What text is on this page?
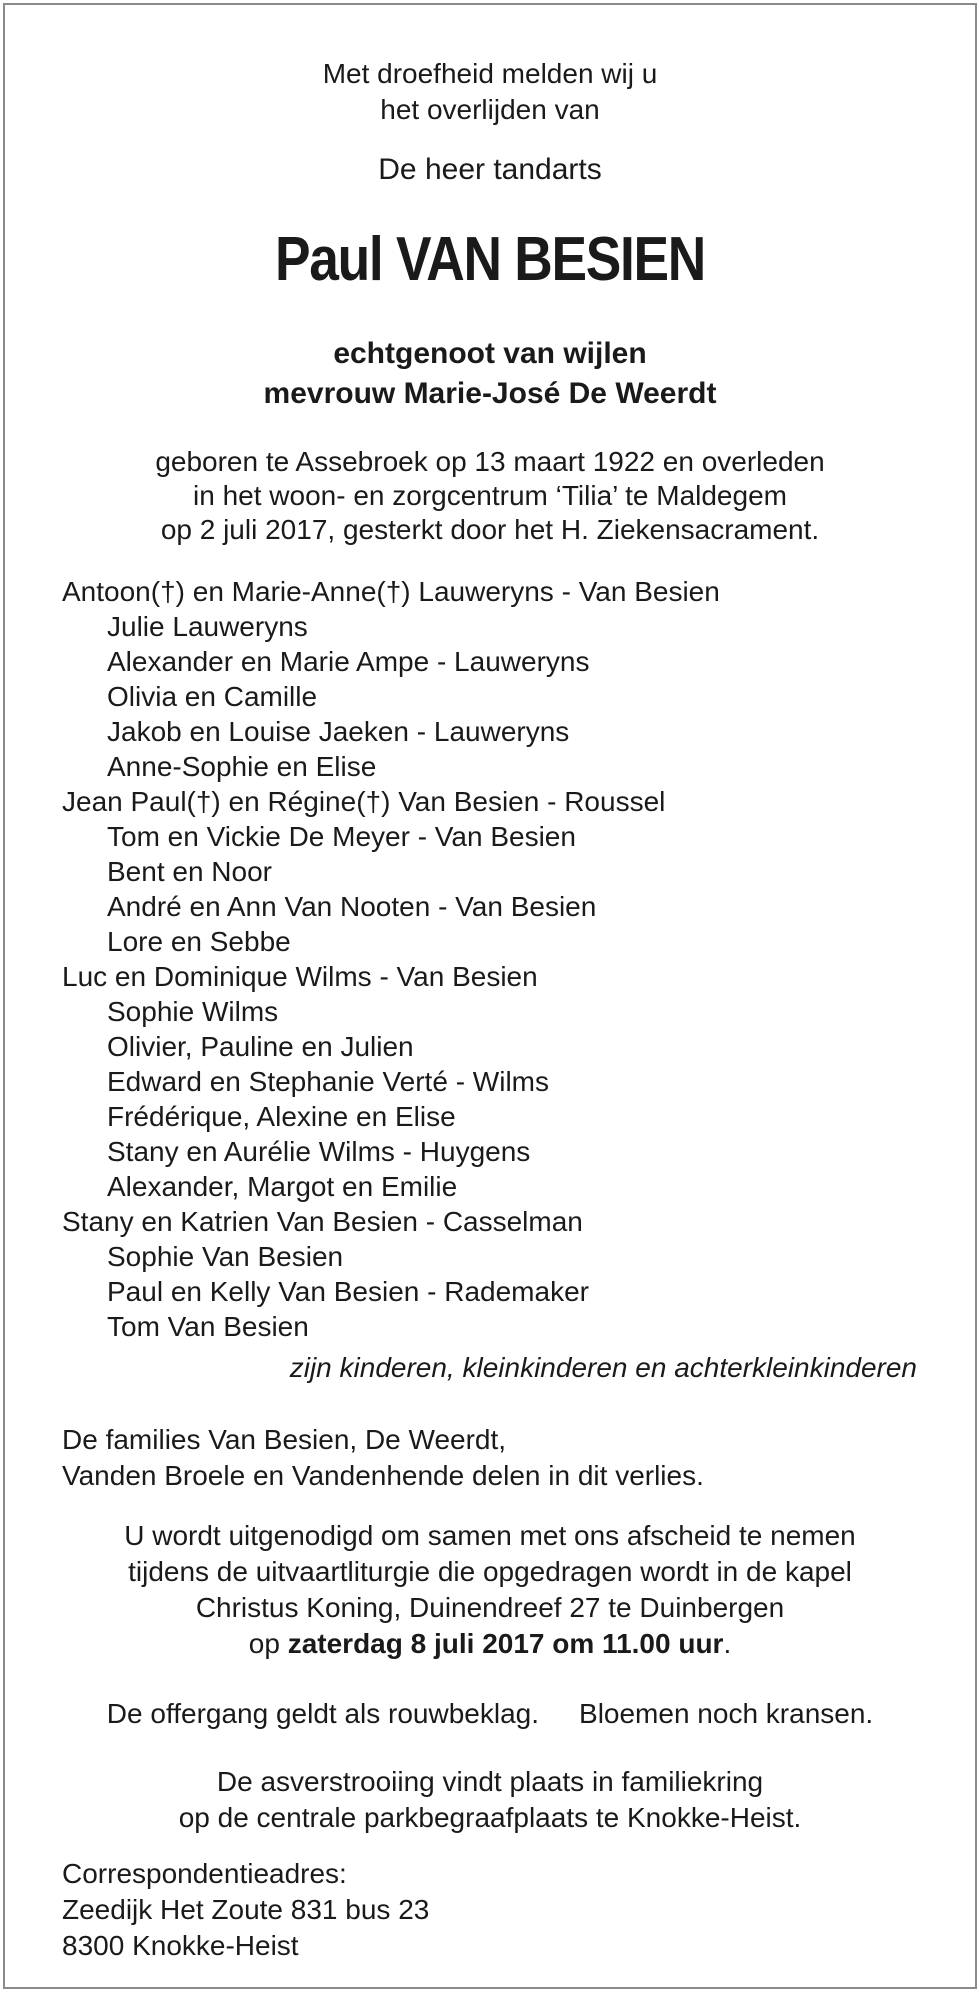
Met droefheid melden wij u
het overlijden van
De heer tandarts
Paul VAN BESIEN
echtgenoot van wijlen
mevrouw Marie-José De Weerdt
geboren te Assebroek op 13 maart 1922 en overleden
in het woon- en zorgcentrum ‘Tilia’ te Maldegem
op 2 juli 2017, gesterkt door het H. Ziekensacrament.
Antoon(†) en Marie-Anne(†) Lauweryns - Van Besien
Julie Lauweryns
Alexander en Marie Ampe - Lauweryns
Olivia en Camille
Jakob en Louise Jaeken - Lauweryns
Anne-Sophie en Elise
Jean Paul(†) en Régine(†) Van Besien - Roussel
Tom en Vickie De Meyer - Van Besien
Bent en Noor
André en Ann Van Nooten - Van Besien
Lore en Sebbe
Luc en Dominique Wilms - Van Besien
Sophie Wilms
Olivier, Pauline en Julien
Edward en Stephanie Verté - Wilms
Frédérique, Alexine en Elise
Stany en Aurélie Wilms - Huygens
Alexander, Margot en Emilie
Stany en Katrien Van Besien - Casselman
Sophie Van Besien
Paul en Kelly Van Besien - Rademaker
Tom Van Besien
zijn kinderen, kleinkinderen en achterkleinkinderen
De families Van Besien, De Weerdt,
Vanden Broele en Vandenhende delen in dit verlies.
U wordt uitgenodigd om samen met ons afscheid te nemen
tijdens de uitvaartliturgie die opgedragen wordt in de kapel
Christus Koning, Duinendreef 27 te Duinbergen
op zaterdag 8 juli 2017 om 11.00 uur.
De offergang geldt als rouwbeklag. Bloemen noch kransen.
De asverstrooiing vindt plaats in familiekring
op de centrale parkbegraafplaats te Knokke-Heist.
Correspondentieadres:
Zeedijk Het Zoute 831 bus 23
8300 Knokke-Heist
